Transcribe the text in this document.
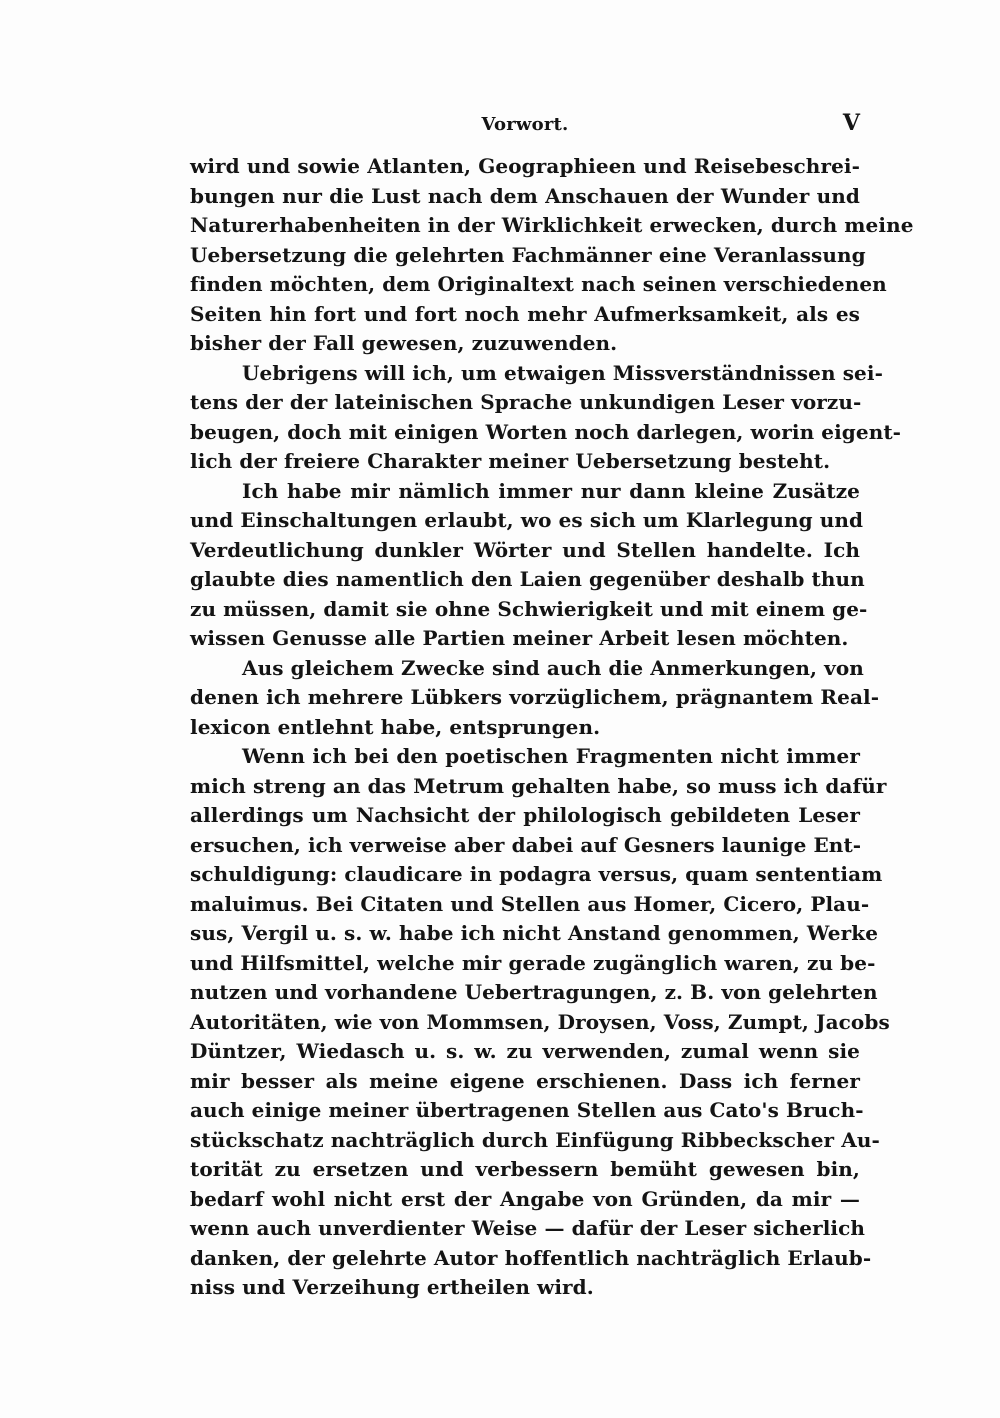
Vorwort.	V
wird und sowie Atlanten, Geographieen und Reisebeschrei-
bungen nur die Lust nach dem Anschauen der Wunder und
Naturerhabenheiten in der Wirklichkeit erwecken, durch meine
Uebersetzung die gelehrten Fachmänner eine Veranlassung
finden möchten, dem Originaltext nach seinen verschiedenen
Seiten hin fort und fort noch mehr Aufmerksamkeit, als es
bisher der Fall gewesen, zuzuwenden.
Uebrigens will ich, um etwaigen Missverständnissen sei-
tens der der lateinischen Sprache unkundigen Leser vorzu-
beugen, doch mit einigen Worten noch darlegen, worin eigent-
lich der freiere Charakter meiner Uebersetzung besteht.
Ich habe mir nämlich immer nur dann kleine Zusätze
und Einschaltungen erlaubt, wo es sich um Klarlegung und
Verdeutlichung dunkler Wörter und Stellen handelte. Ich
glaubte dies namentlich den Laien gegenüber deshalb thun
zu müssen, damit sie ohne Schwierigkeit und mit einem ge-
wissen Genusse alle Partien meiner Arbeit lesen möchten.
Aus gleichem Zwecke sind auch die Anmerkungen, von
denen ich mehrere Lübkers vorzüglichem, prägnantem Real-
lexicon entlehnt habe, entsprungen.
Wenn ich bei den poetischen Fragmenten nicht immer
mich streng an das Metrum gehalten habe, so muss ich dafür
allerdings um Nachsicht der philologisch gebildeten Leser
ersuchen, ich verweise aber dabei auf Gesners launige Ent-
schuldigung: claudicare in podagra versus, quam sententiam
maluimus. Bei Citaten und Stellen aus Homer, Cicero, Plau-
sus, Vergil u. s. w. habe ich nicht Anstand genommen, Werke
und Hilfsmittel, welche mir gerade zugänglich waren, zu be-
nutzen und vorhandene Uebertragungen, z. B. von gelehrten
Autoritäten, wie von Mommsen, Droysen, Voss, Zumpt, Jacobs
Düntzer, Wiedasch u. s. w. zu verwenden, zumal wenn sie
mir besser als meine eigene erschienen. Dass ich ferner
auch einige meiner übertragenen Stellen aus Cato's Bruch-
stückschatz nachträglich durch Einfügung Ribbeckscher Au-
torität zu ersetzen und verbessern bemüht gewesen bin,
bedarf wohl nicht erst der Angabe von Gründen, da mir —
wenn auch unverdienter Weise — dafür der Leser sicherlich
danken, der gelehrte Autor hoffentlich nachträglich Erlaub-
niss und Verzeihung ertheilen wird.
